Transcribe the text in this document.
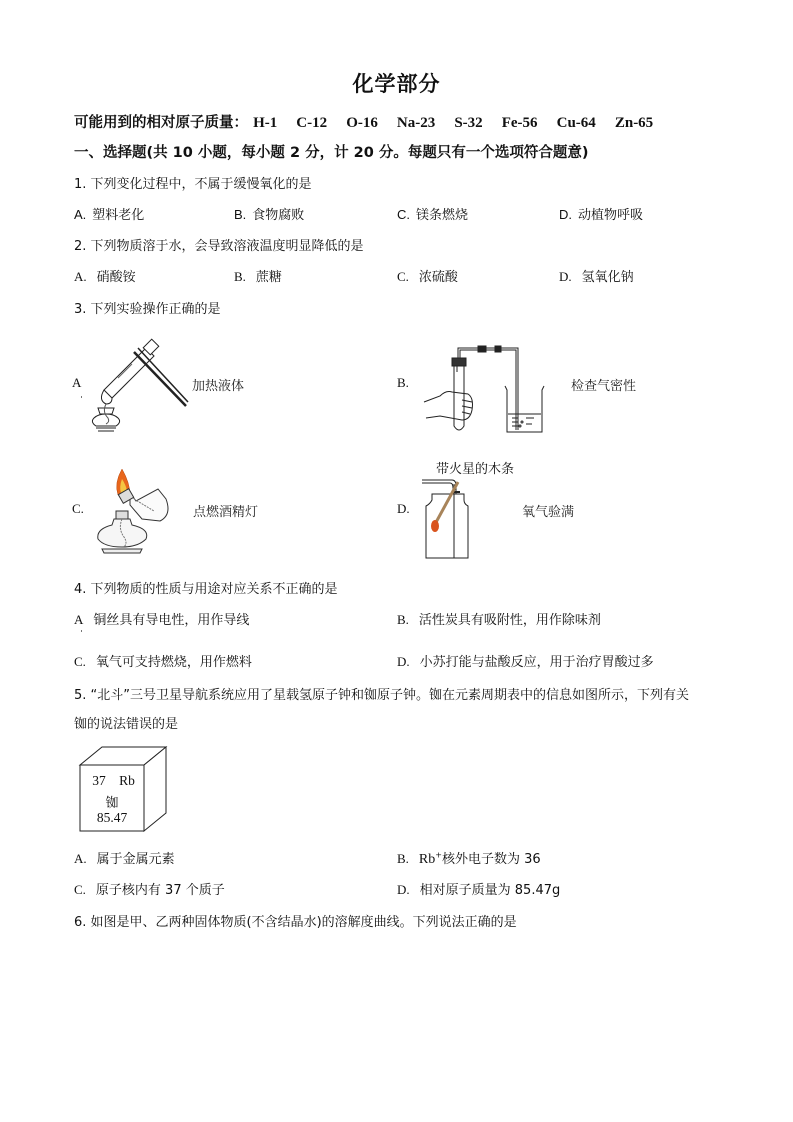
化学部分
可能用到的相对原子质量： H-1 C-12 O-16 Na-23 S-32 Fe-56 Cu-64 Zn-65
一、选择题(共 10 小题，每小题 2 分，计 20 分。每题只有一个选项符合题意)
1. 下列变化过程中，不属于缓慢氧化的是
A. 塑料老化	B. 食物腐败	C. 镁条燃烧	D. 动植物呼吸
2. 下列物质溶于水，会导致溶液温度明显降低的是
A. 硝酸铵	B. 蔗糖	C. 浓硫酸	D. 氢氧化钠
3. 下列实验操作正确的是
A	加热液体	B.	检查气密性
C.	点燃酒精灯	D.
带火星的木条
氧气验满
4. 下列物质的性质与用途对应关系不正确的是
A 铜丝具有导电性，用作导线	B. 活性炭具有吸附性，用作除味剂
C. 氧气可支持燃烧，用作燃料	D. 小苏打能与盐酸反应，用于治疗胃酸过多
5. “北斗”三号卫星导航系统应用了星载氢原子钟和铷原子钟。铷在元素周期表中的信息如图所示，下列有关
铷的说法错误的是
37 Rb
铷
85.47
A. 属于金属元素	B. Rb+核外电子数为 36
C. 原子核内有 37 个质子	D. 相对原子质量为 85.47g
6. 如图是甲、乙两种固体物质(不含结晶水)的溶解度曲线。下列说法正确的是
